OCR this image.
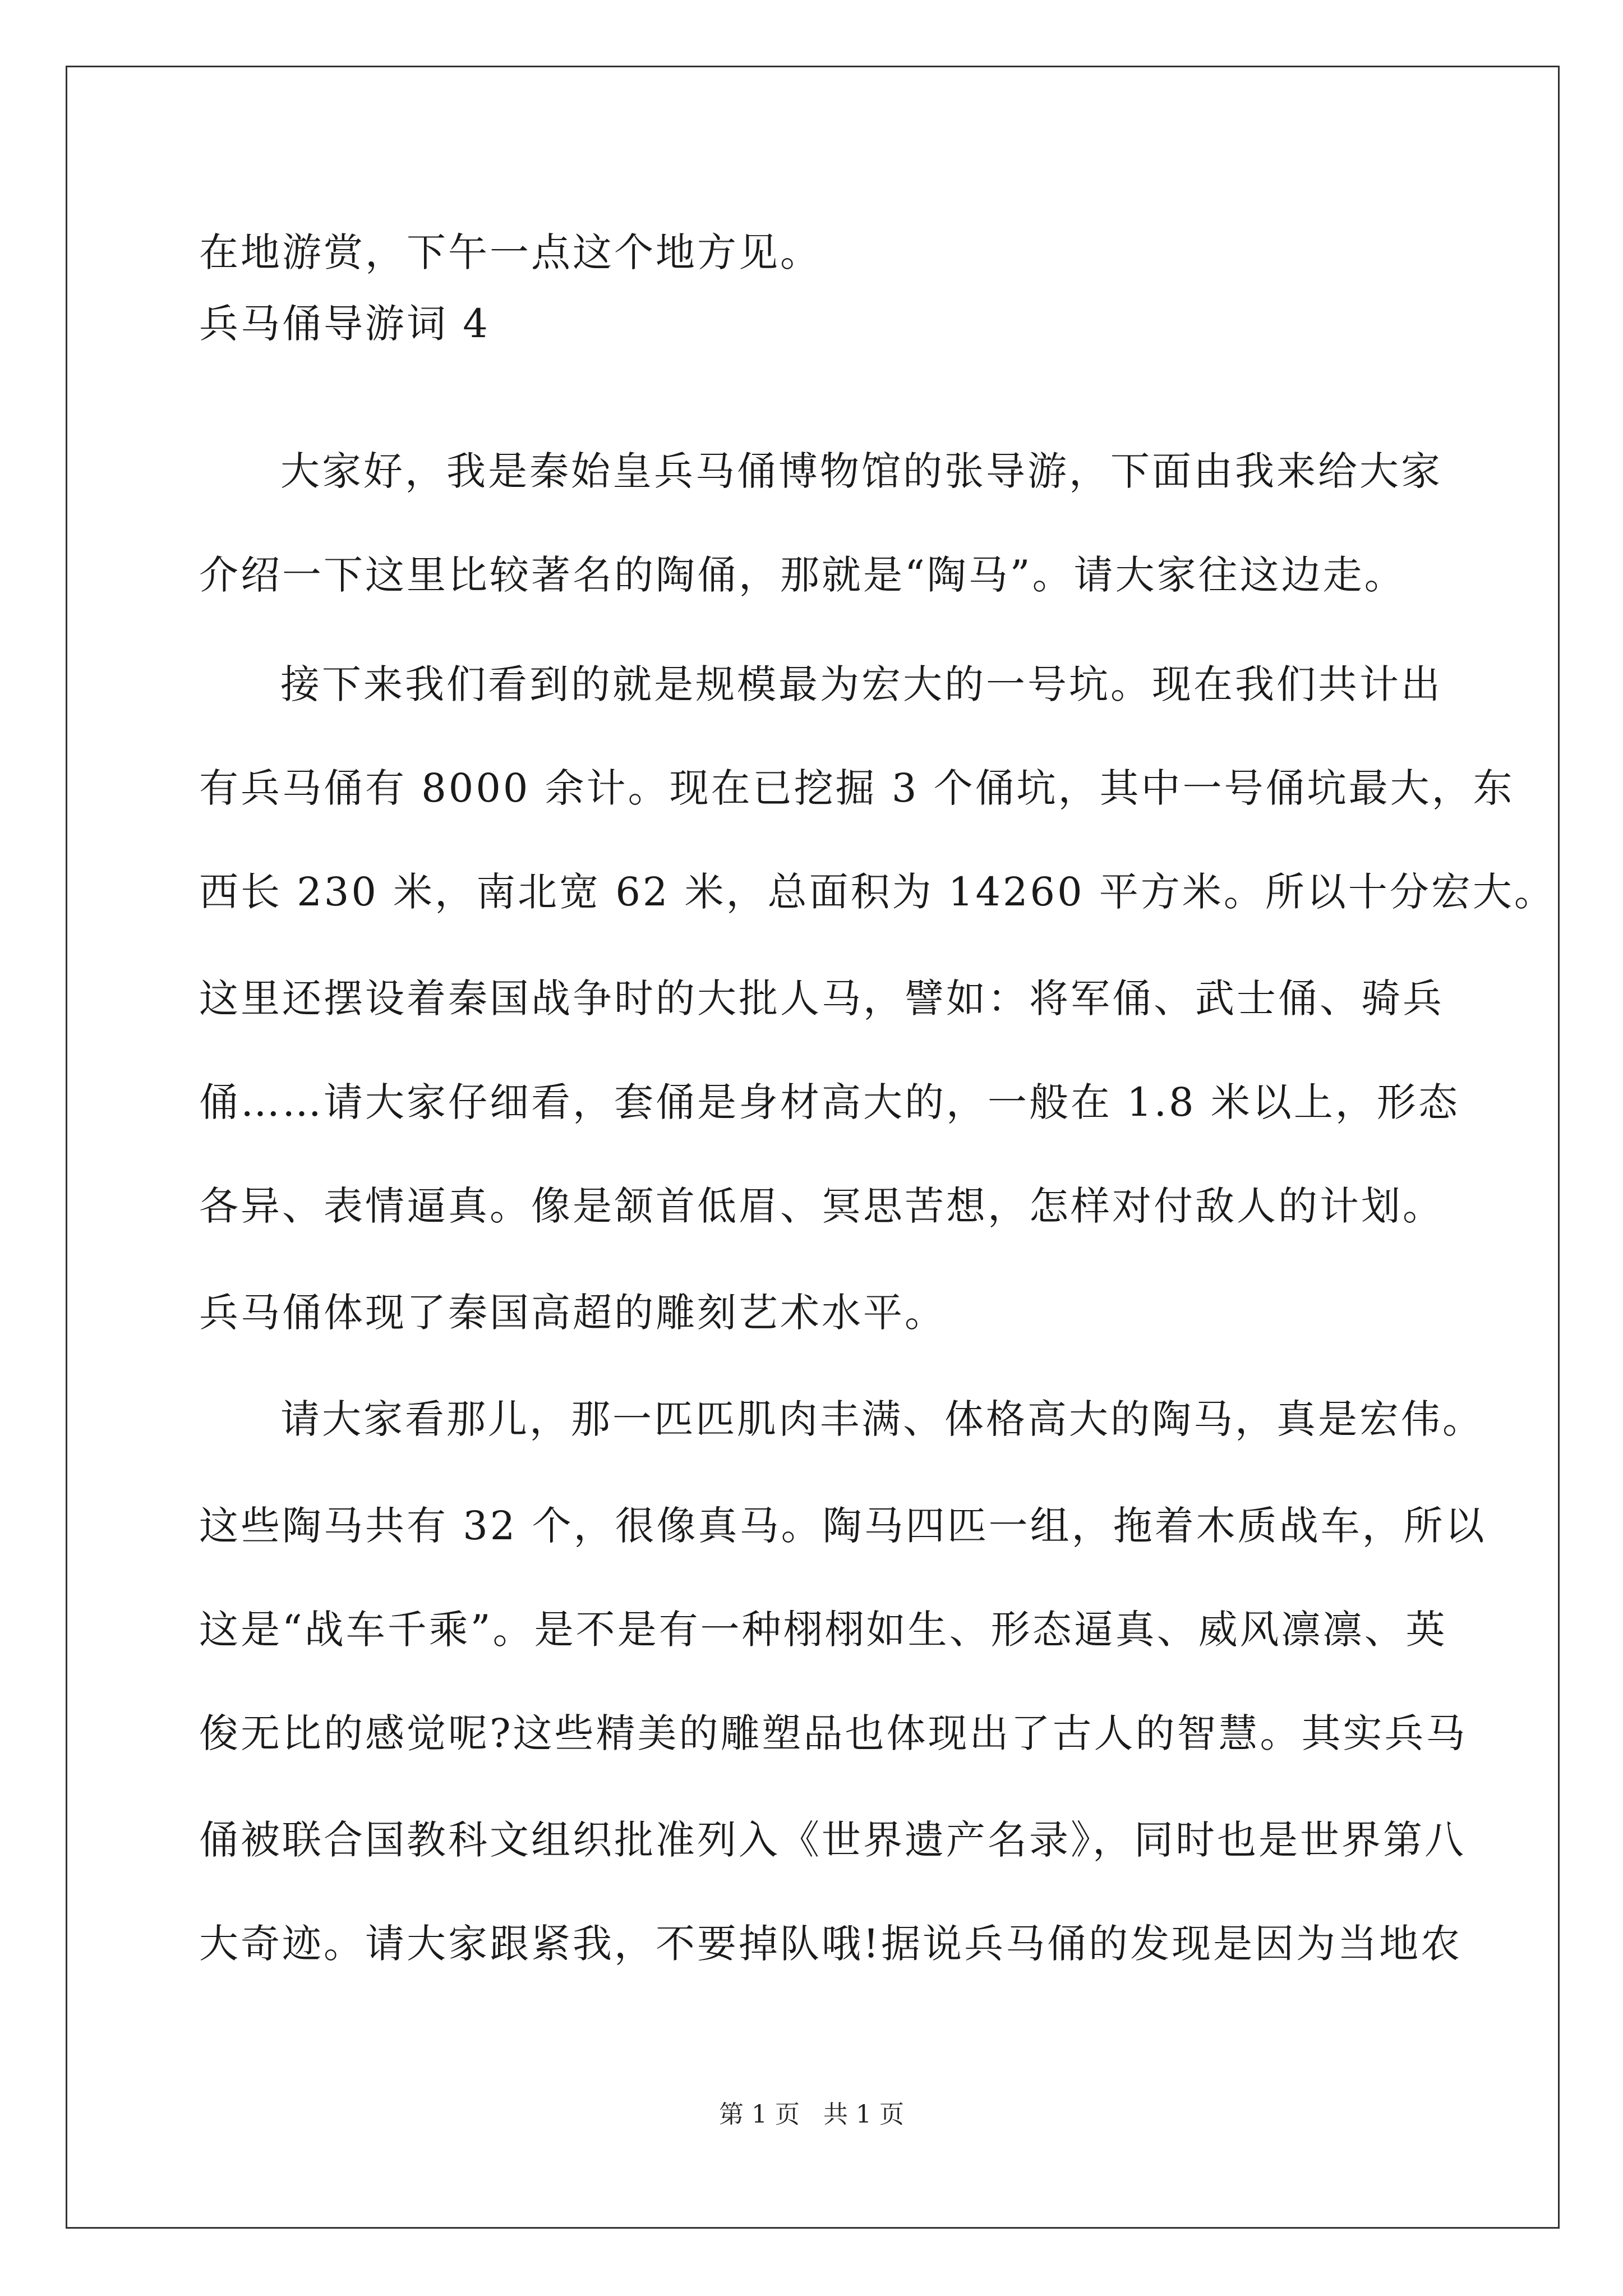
在地游赏，下午一点这个地方见。
兵马俑导游词 4
大家好，我是秦始皇兵马俑博物馆的张导游，下面由我来给大家
介绍一下这里比较著名的陶俑，那就是“陶马”。请大家往这边走。
接下来我们看到的就是规模最为宏大的一号坑。现在我们共计出
有兵马俑有 8000 余计。现在已挖掘 3 个俑坑，其中一号俑坑最大，东
西长 230 米，南北宽 62 米，总面积为 14260 平方米。所以十分宏大。
这里还摆设着秦国战争时的大批人马，譬如：将军俑、武士俑、骑兵
俑……请大家仔细看，套俑是身材高大的，一般在 1.8 米以上，形态
各异、表情逼真。像是颔首低眉、冥思苦想，怎样对付敌人的计划。
兵马俑体现了秦国高超的雕刻艺术水平。
请大家看那儿，那一匹匹肌肉丰满、体格高大的陶马，真是宏伟。
这些陶马共有 32 个，很像真马。陶马四匹一组，拖着木质战车，所以
这是“战车千乘”。是不是有一种栩栩如生、形态逼真、威风凛凛、英
俊无比的感觉呢?这些精美的雕塑品也体现出了古人的智慧。其实兵马
俑被联合国教科文组织批准列入《世界遗产名录》，同时也是世界第八
大奇迹。请大家跟紧我，不要掉队哦!据说兵马俑的发现是因为当地农
第 1 页   共 1 页
